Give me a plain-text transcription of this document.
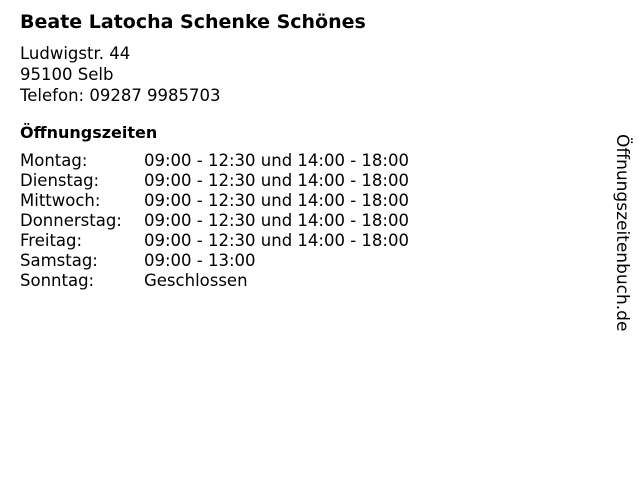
Beate Latocha Schenke Schönes
Ludwigstr. 44
95100 Selb
Telefon: 09287 9985703
Öffnungszeiten
Montag:	09:00 - 12:30 und 14:00 - 18:00
Dienstag:	09:00 - 12:30 und 14:00 - 18:00
Mittwoch:	09:00 - 12:30 und 14:00 - 18:00
Donnerstag:	09:00 - 12:30 und 14:00 - 18:00
Freitag:	09:00 - 12:30 und 14:00 - 18:00
Samstag:	09:00 - 13:00
Sonntag:	Geschlossen	Öffnungszeitenbuch.de
